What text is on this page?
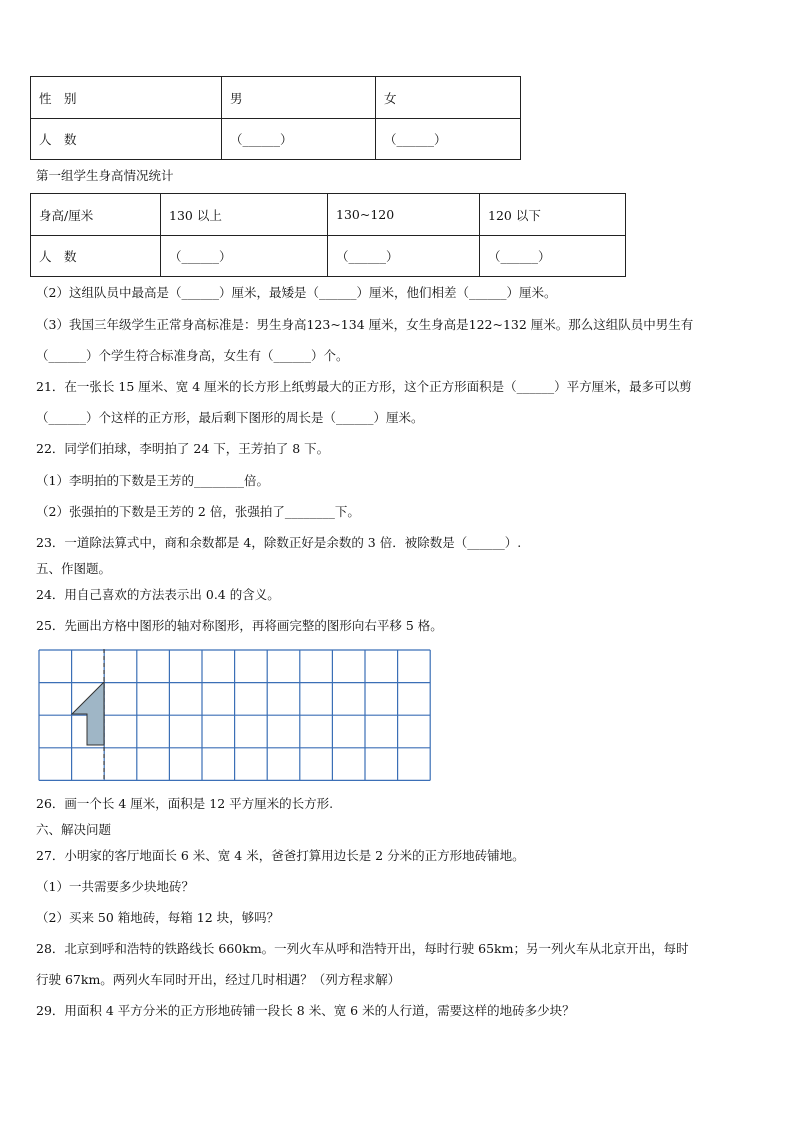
性　别	男	女
人　数	（______）	（______）
第一组学生身高情况统计
身高/厘米	130 以上	130~120	120 以下
人　数	（______）	（______）	（______）
（2）这组队员中最高是（______）厘米，最矮是（______）厘米，他们相差（______）厘米。
（3）我国三年级学生正常身高标准是：男生身高123~134 厘米，女生身高是122~132 厘米。那么这组队员中男生有
（______）个学生符合标准身高，女生有（______）个。
21．在一张长 15 厘米、宽 4 厘米的长方形上纸剪最大的正方形，这个正方形面积是（______）平方厘米，最多可以剪
（______）个这样的正方形，最后剩下图形的周长是（______）厘米。
22．同学们拍球，李明拍了 24 下，王芳拍了 8 下。
（1）李明拍的下数是王芳的________倍。
（2）张强拍的下数是王芳的 2 倍，张强拍了________下。
23．一道除法算式中，商和余数都是 4，除数正好是余数的 3 倍．被除数是（______）.
五、作图题。
24．用自己喜欢的方法表示出 0.4 的含义。
25．先画出方格中图形的轴对称图形，再将画完整的图形向右平移 5 格。
26．画一个长 4 厘米，面积是 12 平方厘米的长方形.
六、解决问题
27．小明家的客厅地面长 6 米、宽 4 米，爸爸打算用边长是 2 分米的正方形地砖铺地。
（1）一共需要多少块地砖？
（2）买来 50 箱地砖，每箱 12 块，够吗？
28．北京到呼和浩特的铁路线长 660km。一列火车从呼和浩特开出，每时行驶 65km；另一列火车从北京开出，每时
行驶 67km。两列火车同时开出，经过几时相遇？（列方程求解）
29．用面积 4 平方分米的正方形地砖铺一段长 8 米、宽 6 米的人行道，需要这样的地砖多少块？
